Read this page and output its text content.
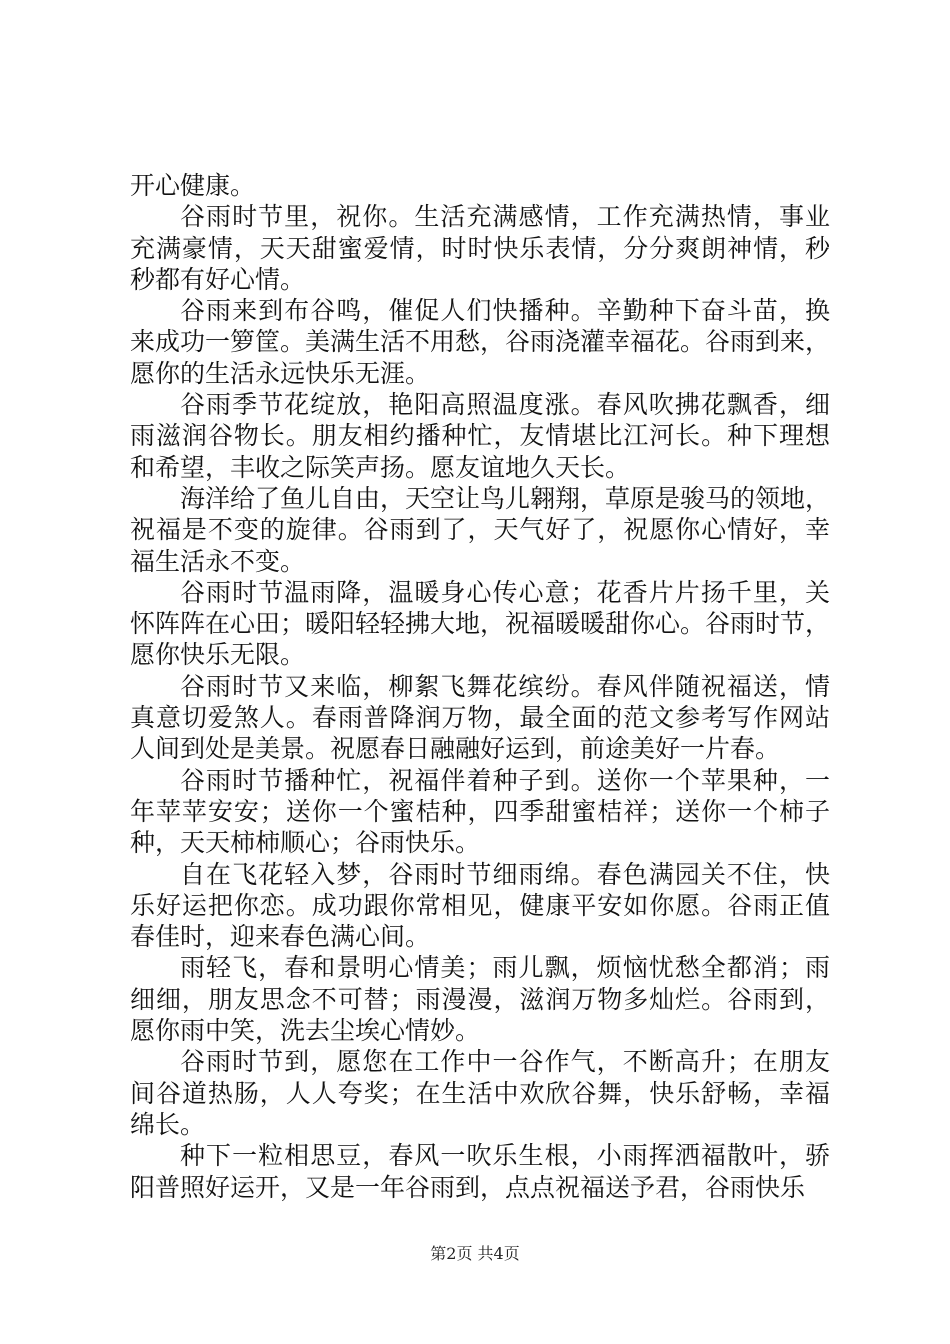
开心健康。
谷雨时节里，祝你。生活充满感情，工作充满热情，事业
充满豪情，天天甜蜜爱情，时时快乐表情，分分爽朗神情，秒
秒都有好心情。
谷雨来到布谷鸣，催促人们快播种。辛勤种下奋斗苗，换
来成功一箩筐。美满生活不用愁，谷雨浇灌幸福花。谷雨到来，
愿你的生活永远快乐无涯。
谷雨季节花绽放，艳阳高照温度涨。春风吹拂花飘香，细
雨滋润谷物长。朋友相约播种忙，友情堪比江河长。种下理想
和希望，丰收之际笑声扬。愿友谊地久天长。
海洋给了鱼儿自由，天空让鸟儿翱翔，草原是骏马的领地，
祝福是不变的旋律。谷雨到了，天气好了，祝愿你心情好，幸
福生活永不变。
谷雨时节温雨降，温暖身心传心意；花香片片扬千里，关
怀阵阵在心田；暖阳轻轻拂大地，祝福暖暖甜你心。谷雨时节，
愿你快乐无限。
谷雨时节又来临，柳絮飞舞花缤纷。春风伴随祝福送，情
真意切爱煞人。春雨普降润万物，最全面的范文参考写作网站
人间到处是美景。祝愿春日融融好运到，前途美好一片春。
谷雨时节播种忙，祝福伴着种子到。送你一个苹果种，一
年苹苹安安；送你一个蜜桔种，四季甜蜜桔祥；送你一个柿子
种，天天柿柿顺心；谷雨快乐。
自在飞花轻入梦，谷雨时节细雨绵。春色满园关不住，快
乐好运把你恋。成功跟你常相见，健康平安如你愿。谷雨正值
春佳时，迎来春色满心间。
雨轻飞，春和景明心情美；雨儿飘，烦恼忧愁全都消；雨
细细，朋友思念不可替；雨漫漫，滋润万物多灿烂。谷雨到，
愿你雨中笑，洗去尘埃心情妙。
谷雨时节到，愿您在工作中一谷作气，不断高升；在朋友
间谷道热肠，人人夸奖；在生活中欢欣谷舞，快乐舒畅，幸福
绵长。
种下一粒相思豆，春风一吹乐生根，小雨挥洒福散叶，骄
阳普照好运开，又是一年谷雨到，点点祝福送予君，谷雨快乐
第2页 共4页
